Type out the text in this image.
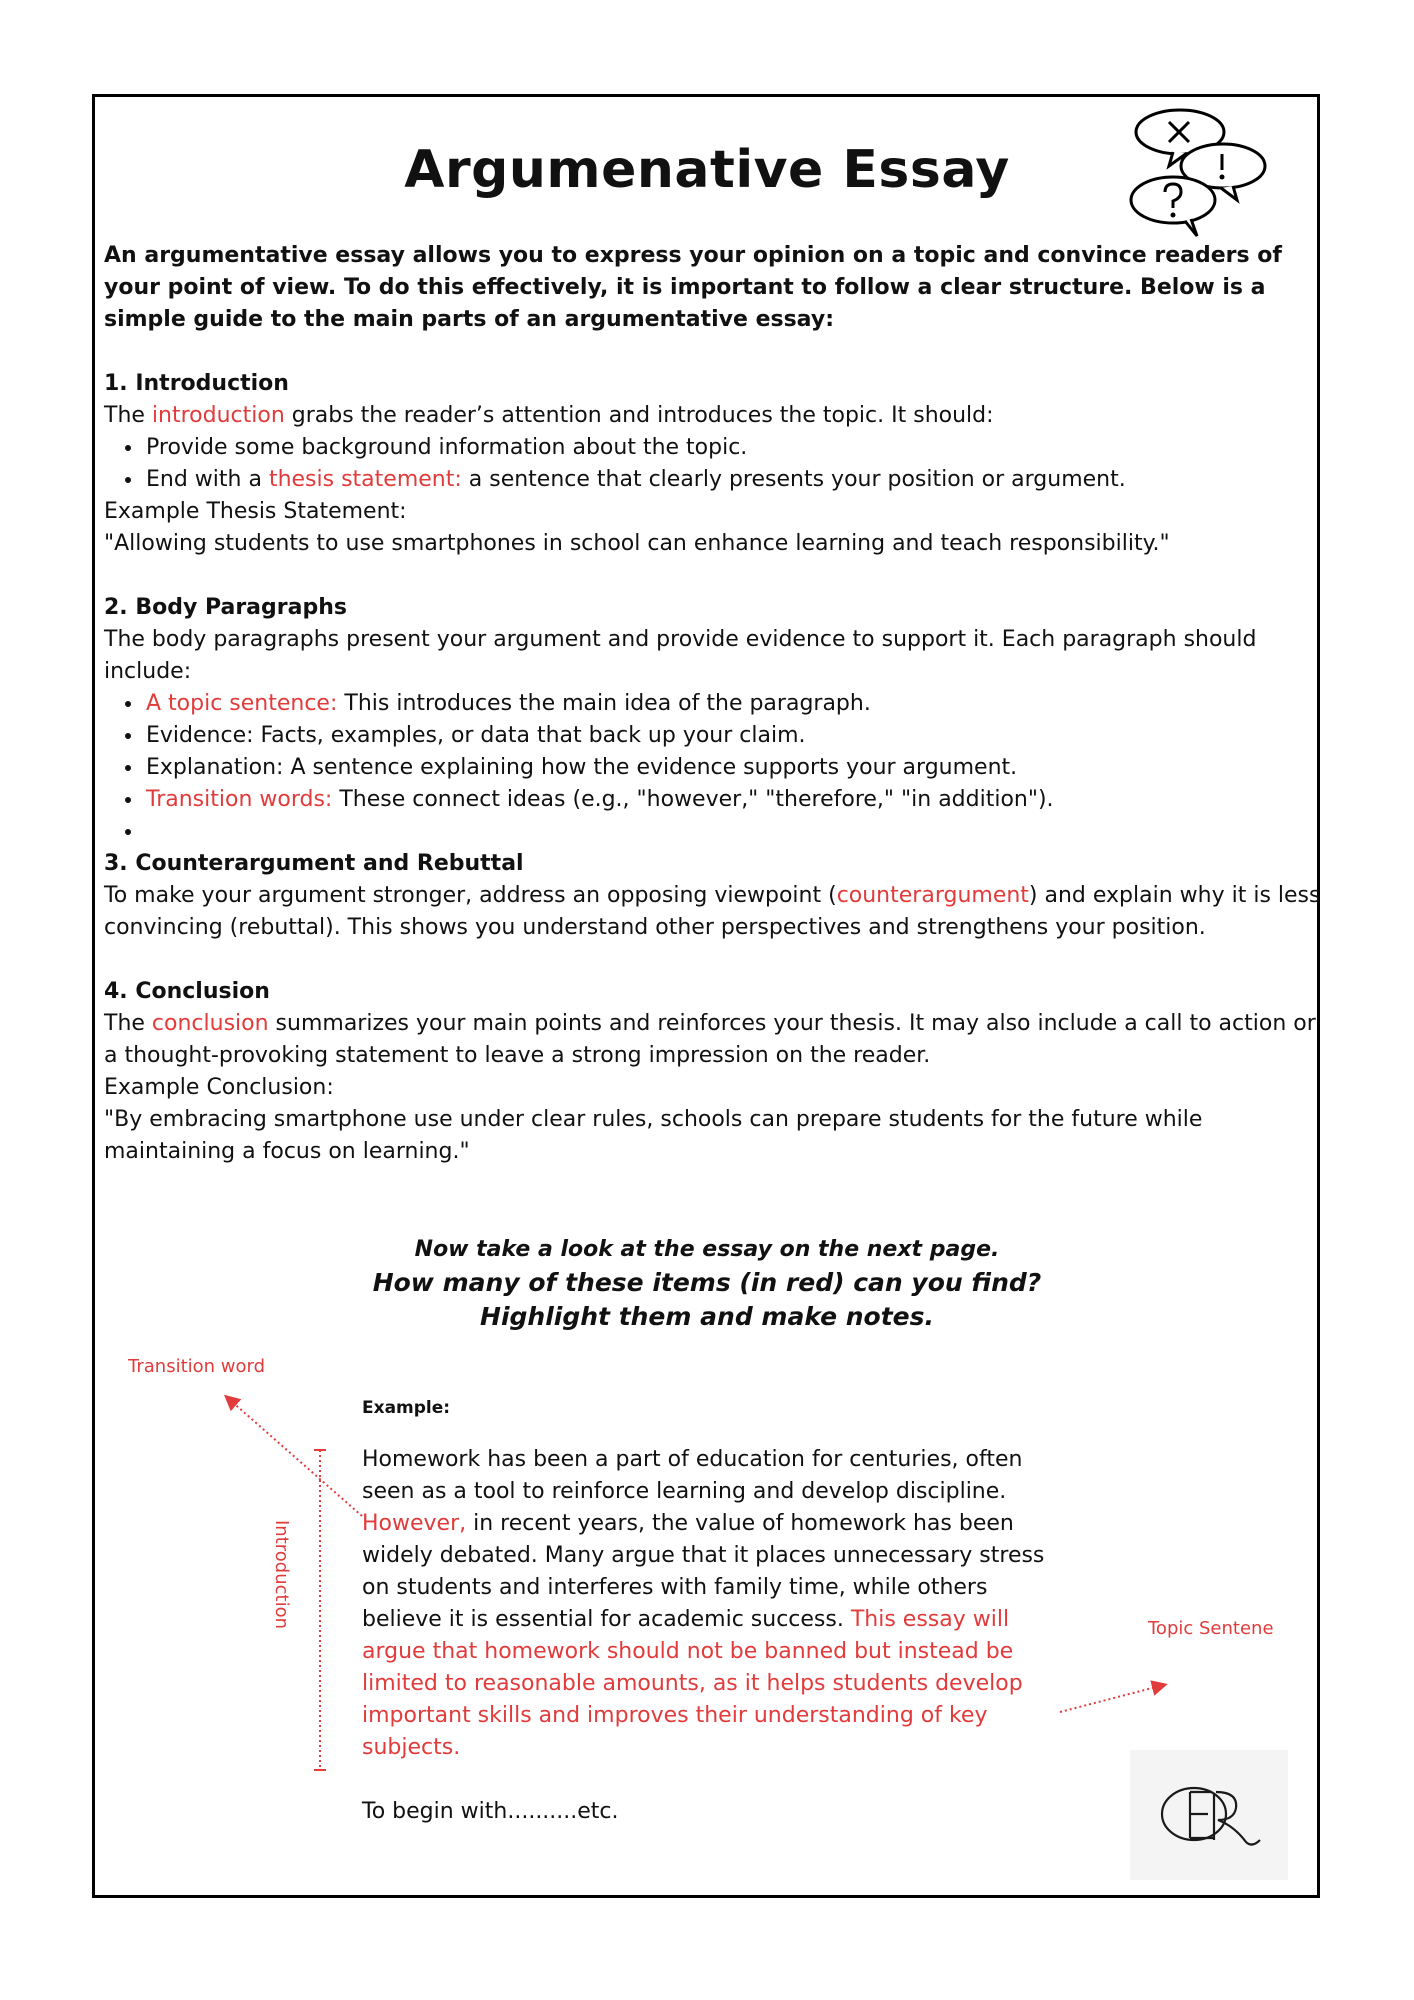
Argumenative Essay
An argumentative essay allows you to express your opinion on a topic and convince readers of your point of view. To do this effectively, it is important to follow a clear structure. Below is a simple guide to the main parts of an argumentative essay:

1. Introduction

The introduction grabs the reader’s attention and introduces the topic. It should:

• Provide some background information about the topic.
• End with a thesis statement: a sentence that clearly presents your position or argument.

Example Thesis Statement:

"Allowing students to use smartphones in school can enhance learning and teach responsibility."

2. Body Paragraphs

The body paragraphs present your argument and provide evidence to support it. Each paragraph should include:

• A topic sentence: This introduces the main idea of the paragraph.
• Evidence: Facts, examples, or data that back up your claim.
• Explanation: A sentence explaining how the evidence supports your argument.
• Transition words: These connect ideas (e.g., "however," "therefore," "in addition").
•

3. Counterargument and Rebuttal

To make your argument stronger, address an opposing viewpoint (counterargument) and explain why it is less convincing (rebuttal). This shows you understand other perspectives and strengthens your position.

4. Conclusion

The conclusion summarizes your main points and reinforces your thesis. It may also include a call to action or a thought-provoking statement to leave a strong impression on the reader.

Example Conclusion:

"By embracing smartphone use under clear rules, schools can prepare students for the future while maintaining a focus on learning."

Now take a look at the essay on the next page.
How many of these items (in red) can you find?
Highlight them and make notes.
Transition word
Topic Sentene
Introduction
Example:

Homework has been a part of education for centuries, often seen as a tool to reinforce learning and develop discipline. However, in recent years, the value of homework has been widely debated. Many argue that it places unnecessary stress on students and interferes with family time, while others believe it is essential for academic success. This essay will argue that homework should not be banned but instead be limited to reasonable amounts, as it helps students develop important skills and improves their understanding of key subjects.

To begin with..........etc.
